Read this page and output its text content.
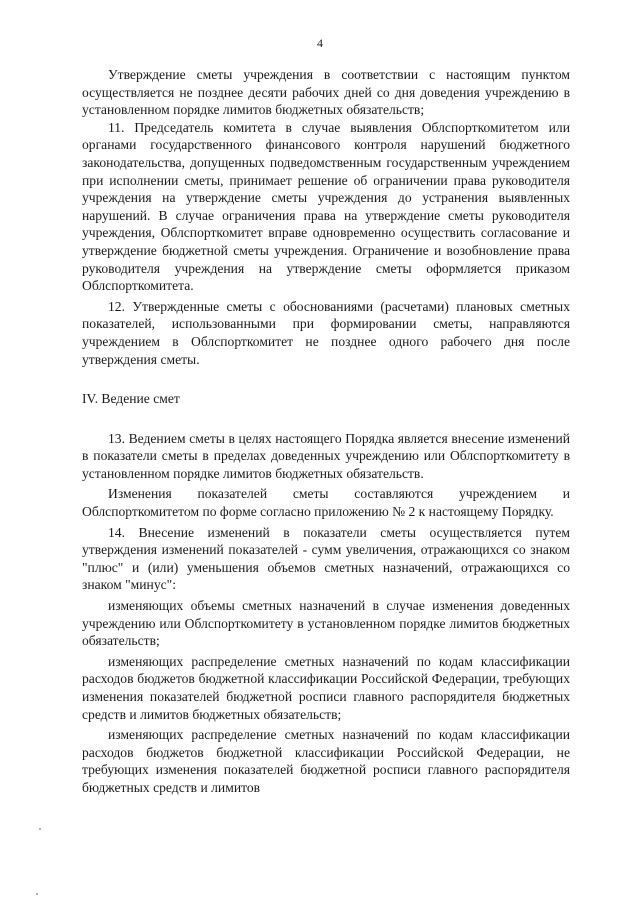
4

Утверждение сметы учреждения в соответствии с настоящим пунктом осуществляется не позднее десяти рабочих дней со дня доведения учреждению в установленном порядке лимитов бюджетных обязательств;

11. Председатель комитета в случае выявления Облспорткомитетом или органами государственного финансового контроля нарушений бюджетного законодательства, допущенных подведомственным государственным учреждением при исполнении сметы, принимает решение об ограничении права руководителя учреждения на утверждение сметы учреждения до устранения выявленных нарушений. В случае ограничения права на утверждение сметы руководителя учреждения, Облспорткомитет вправе одновременно осуществить согласование и утверждение бюджетной сметы учреждения. Ограничение и возобновление права руководителя учреждения на утверждение сметы оформляется приказом Облспорткомитета.

12. Утвержденные сметы с обоснованиями (расчетами) плановых сметных показателей, использованными при формировании сметы, направляются учреждением в Облспорткомитет не позднее одного рабочего дня после утверждения сметы.

IV. Ведение смет

13. Ведением сметы в целях настоящего Порядка является внесение изменений в показатели сметы в пределах доведенных учреждению или Облспорткомитету в установленном порядке лимитов бюджетных обязательств.

Изменения показателей сметы составляются учреждением и Облспорткомитетом по форме согласно приложению № 2 к настоящему Порядку.

14. Внесение изменений в показатели сметы осуществляется путем утверждения изменений показателей - сумм увеличения, отражающихся со знаком "плюс" и (или) уменьшения объемов сметных назначений, отражающихся со знаком "минус":

изменяющих объемы сметных назначений в случае изменения доведенных учреждению или Облспорткомитету в установленном порядке лимитов бюджетных обязательств;

изменяющих распределение сметных назначений по кодам классификации расходов бюджетов бюджетной классификации Российской Федерации, требующих изменения показателей бюджетной росписи главного распорядителя бюджетных средств и лимитов бюджетных обязательств;

изменяющих распределение сметных назначений по кодам классификации расходов бюджетов бюджетной классификации Российской Федерации, не требующих изменения показателей бюджетной росписи главного распорядителя бюджетных средств и лимитов
